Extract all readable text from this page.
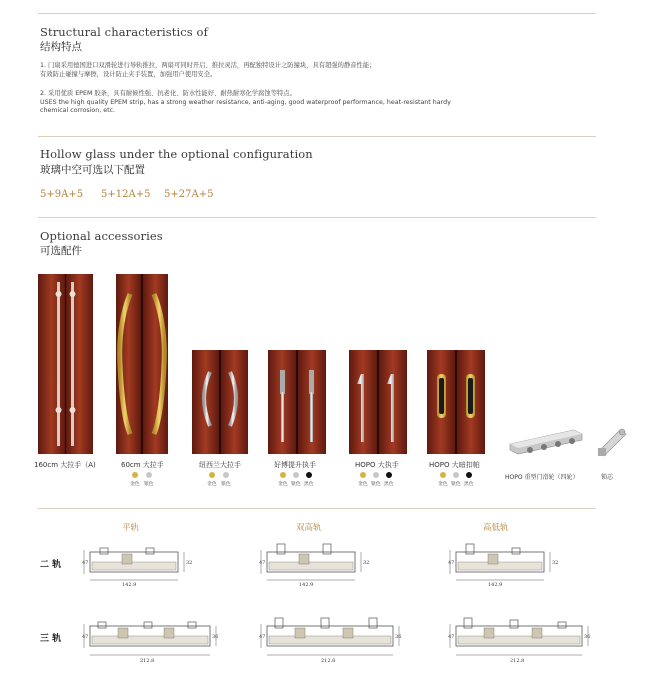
Structural characteristics of
结构特点
1. 门扇采用德国进口双滑轮进行导轨推拉，两扇可同时开启、推拉灵活，再配独特设计之防撞块，具有超强的静音性能；
有效防止碰撞与摩擦，设计防止夹手装置，加强用户使用安全。
2. 采用优质 EPEM 胶条，具有耐候性强、抗老化、防水性能好、耐热耐寒化学腐蚀等特点。
USES the high quality EPEM strip, has a strong weather resistance, anti-aging, good waterproof performance, heat-resistant hardy
chemical corrosion, etc.
Hollow glass under the optional configuration
玻璃中空可选以下配置
5+9A+5 5+12A+5 5+27A+5
Optional accessories
可选配件
160cm 大拉手（A)	60cm 大拉手
金色 银色
纽西兰大拉手
金色 银色
好博提升执手
金色 银色 黑色
HOPO 大执手
金色 银色 黑色
HOPO 大暗扣帕
金色 银色 黑色
HOPO 重型门滑轮（四轮）	锁芯
平轨	双高轨	高低轨
二 轨
三 轨
142.9
47	32
142.9
47	32
142.9
47	32
212.8
47	36
212.8
47	36
212.8
47	36
